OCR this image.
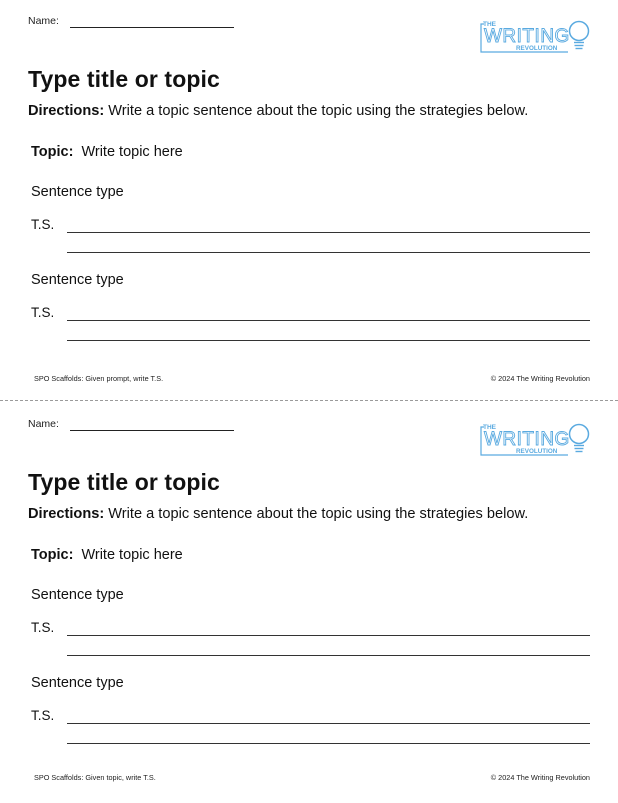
Name:	THE
WRITING
REVOLUTION
Type title or topic
Directions: Write a topic sentence about the topic using the strategies below.
Topic: Write topic here
Sentence type
T.S.
Sentence type
T.S.
SPO Scaffolds: Given prompt, write T.S.	© 2024 The Writing Revolution
Name:	THE
WRITING
REVOLUTION
Type title or topic
Directions: Write a topic sentence about the topic using the strategies below.
Topic: Write topic here
Sentence type
T.S.
Sentence type
T.S.
SPO Scaffolds: Given topic, write T.S.	© 2024 The Writing Revolution
